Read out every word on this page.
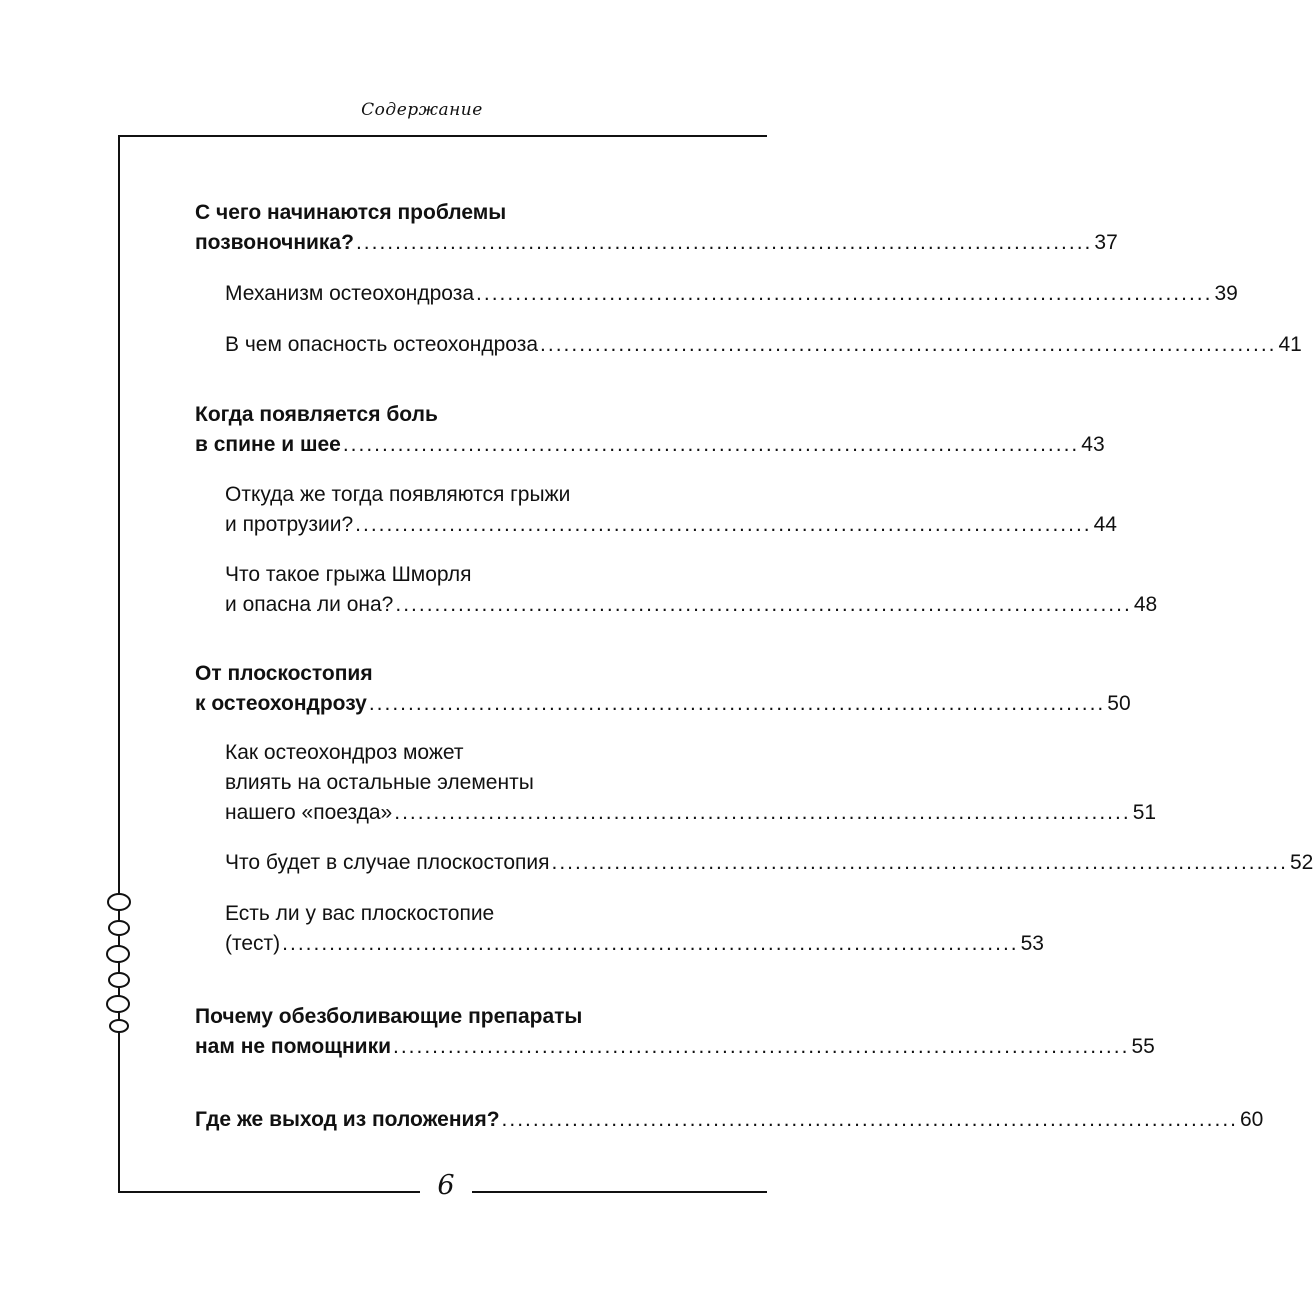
Содержание
6
С чего начинаются проблемы
позвоночника? .............................................................................................. 37
Механизм остеохондроза .............................................................................................. 39
В чем опасность остеохондроза .............................................................................................. 41
Когда появляется боль
в спине и шее .............................................................................................. 43
Откуда же тогда появляются грыжи
и протрузии? .............................................................................................. 44
Что такое грыжа Шморля
и опасна ли она? .............................................................................................. 48
От плоскостопия
к остеохондрозу .............................................................................................. 50
Как остеохондроз может
влиять на остальные элементы
нашего «поезда» .............................................................................................. 51
Что будет в случае плоскостопия .............................................................................................. 52
Есть ли у вас плоскостопие
(тест) .............................................................................................. 53
Почему обезболивающие препараты
нам не помощники .............................................................................................. 55
Где же выход из положения? .............................................................................................. 60
